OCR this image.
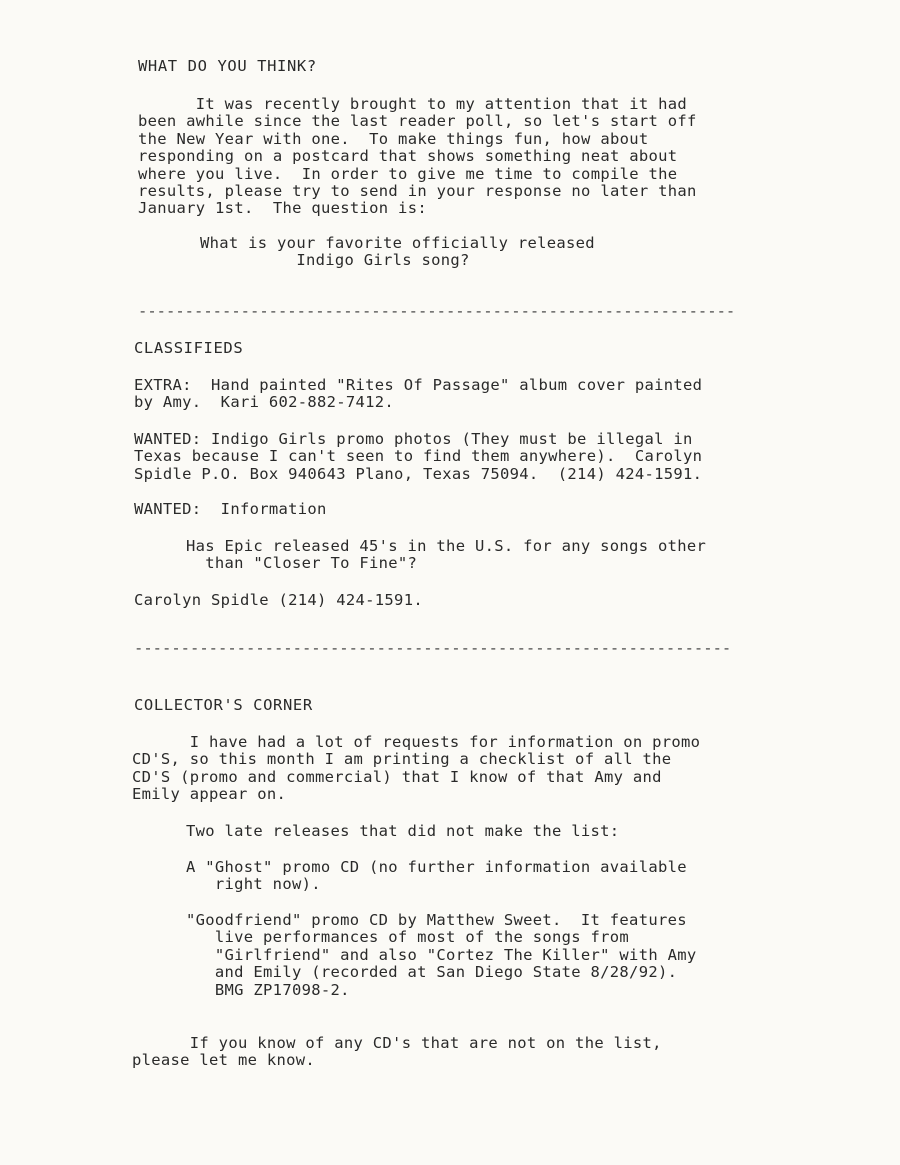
WHAT DO YOU THINK?

It was recently brought to my attention that it had
been awhile since the last reader poll, so let's start off
the New Year with one.  To make things fun, how about
responding on a postcard that shows something neat about
where you live.  In order to give me time to compile the
results, please try to send in your response no later than
January 1st.  The question is:

What is your favorite officially released
Indigo Girls song?

----------------------------------------------------------------

CLASSIFIEDS

EXTRA:  Hand painted "Rites Of Passage" album cover painted
by Amy.  Kari 602-882-7412.

WANTED: Indigo Girls promo photos (They must be illegal in
Texas because I can't seen to find them anywhere).  Carolyn
Spidle P.O. Box 940643 Plano, Texas 75094.  (214) 424-1591.

WANTED:  Information

Has Epic released 45's in the U.S. for any songs other
than "Closer To Fine"?

Carolyn Spidle (214) 424-1591.

----------------------------------------------------------------

COLLECTOR'S CORNER

I have had a lot of requests for information on promo
CD'S, so this month I am printing a checklist of all the
CD'S (promo and commercial) that I know of that Amy and
Emily appear on.

Two late releases that did not make the list:

A "Ghost" promo CD (no further information available
right now).

"Goodfriend" promo CD by Matthew Sweet.  It features
live performances of most of the songs from
"Girlfriend" and also "Cortez The Killer" with Amy
and Emily (recorded at San Diego State 8/28/92).
BMG ZP17098-2.

If you know of any CD's that are not on the list,
please let me know.
